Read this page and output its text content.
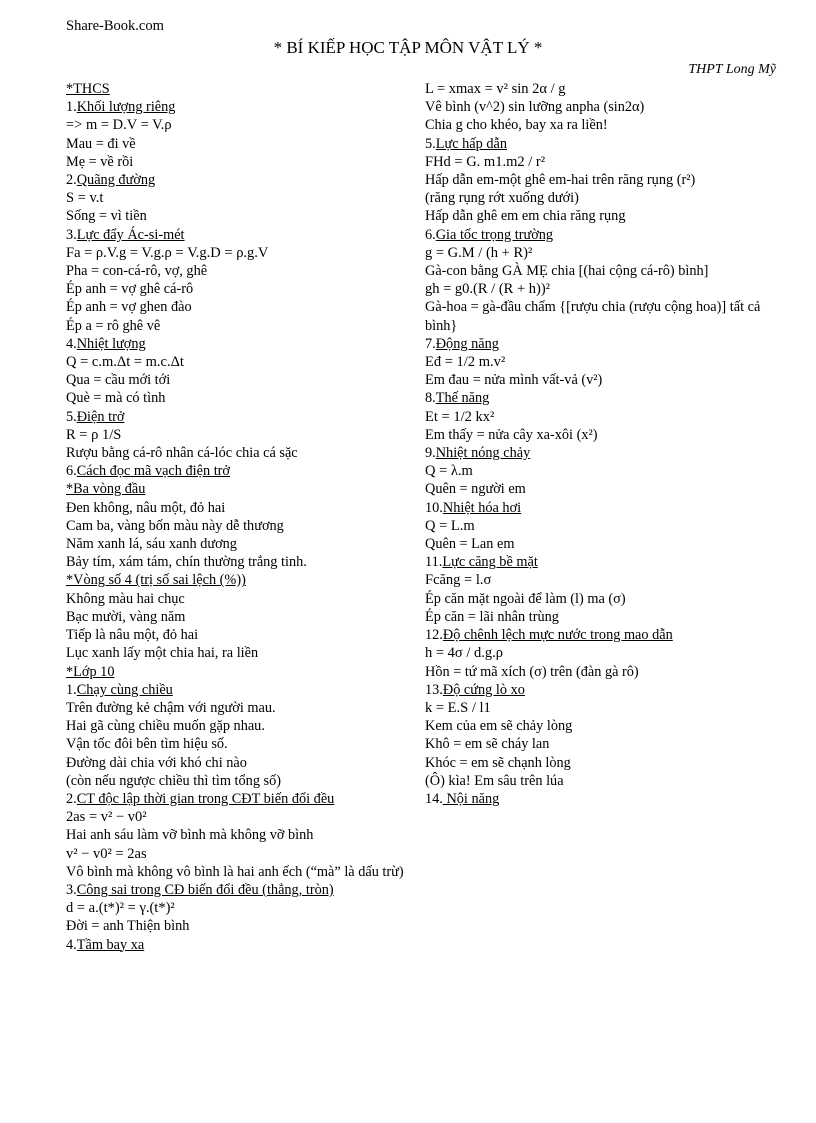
Share-Book.com
* BÍ KIẾP HỌC TẬP MÔN VẬT LÝ *
THPT Long Mỹ
*THCS
1.Khối lượng riêng
=> m = D.V = V.ρ
Mau = đi về
Mẹ = về rồi
2.Quãng đường
S = v.t
Sống = vì tiền
3.Lực đẩy Ác-si-mét
Fa = ρ.V.g = V.g.ρ = V.g.D = ρ.g.V
Pha = con-cá-rô, vợ, ghê
Ép anh = vợ ghê cá-rô
Ép anh = vợ ghen đào
Ép a = rô ghê vê
4.Nhiệt lượng
Q = c.m.Δt = m.c.Δt
Qua = cầu mới tới
Què = mà có tình
5.Điện trở
R = ρ 1/S
Rượu bằng cá-rô nhân cá-lóc chia cá sặc
6.Cách đọc mã vạch điện trở
*Ba vòng đầu
Đen không, nâu một, đỏ hai
Cam ba, vàng bốn màu này dễ thương
Năm xanh lá, sáu xanh dương
Bảy tím, xám tám, chín thường trắng tinh.
*Vòng số 4 (trị số sai lệch (%))
Không màu hai chục
Bạc mười, vàng năm
Tiếp là nâu một, đỏ hai
Lục xanh lấy một chia hai, ra liền
*Lớp 10
1.Chạy cùng chiều
Trên đường kẻ chậm với người mau.
Hai gã cùng chiều muốn gặp nhau.
Vận tốc đôi bên tìm hiệu số.
Đường dài chia với khó chi nào
(còn nếu ngược chiều thì tìm tổng số)
2.CT độc lập thời gian trong CĐT biến đổi đều
2as = v² − v0²
Hai anh sáu làm vỡ bình mà không vỡ bình
v² − v0² = 2as
Vô bình mà không vô bình là hai anh ếch (“mà” là dấu trừ)
3.Công sai trong CĐ biến đổi đều (thẳng, tròn)
d = a.(t*)² = γ.(t*)²
Đời = anh Thiện bình
4.Tầm bay xa
L = xmax = v² sin 2α / g
Vê bình (v^2) sin lưỡng anpha (sin2α)
Chia g cho khéo, bay xa ra liền!
5.Lực hấp dẫn
FHd = G. m1.m2 / r²
Hấp dẫn em-một ghê em-hai trên răng rụng (r²)
(răng rụng rớt xuống dưới)
Hấp dẫn ghê em em chia răng rụng
6.Gia tốc trọng trường
g = G.M / (h + R)²
Gà-con bằng GÀ MẸ chia [(hai cộng cá-rô) bình]
gh = g0.(R / (R + h))²
Gà-hoa = gà-đầu chấm {[rượu chia (rượu cộng hoa)] tất cả bình}
7.Động năng
Eđ = 1/2 m.v²
Em đau = nửa mình vất-vả (v²)
8.Thế năng
Et = 1/2 kx²
Em thấy = nửa cây xa-xôi (x²)
9.Nhiệt nóng chảy
Q = λ.m
Quên = người em
10.Nhiệt hóa hơi
Q = L.m
Quên = Lan em
11.Lực căng bề mặt
Fcăng = l.σ
Ép căn mặt ngoài để làm (l) ma (σ)
Ép căn = lãi nhân trùng
12.Độ chênh lệch mực nước trong mao dẫn
h = 4σ / d.g.ρ
Hồn = tứ mã xích (σ) trên (đàn gà rô)
13.Độ cứng lò xo
k = E.S / l1
Kem của em sẽ chảy lòng
Khô = em sẽ cháy lan
Khóc = em sẽ chạnh lòng
(Ô) kìa! Em sâu trên lúa
14. Nội năng
